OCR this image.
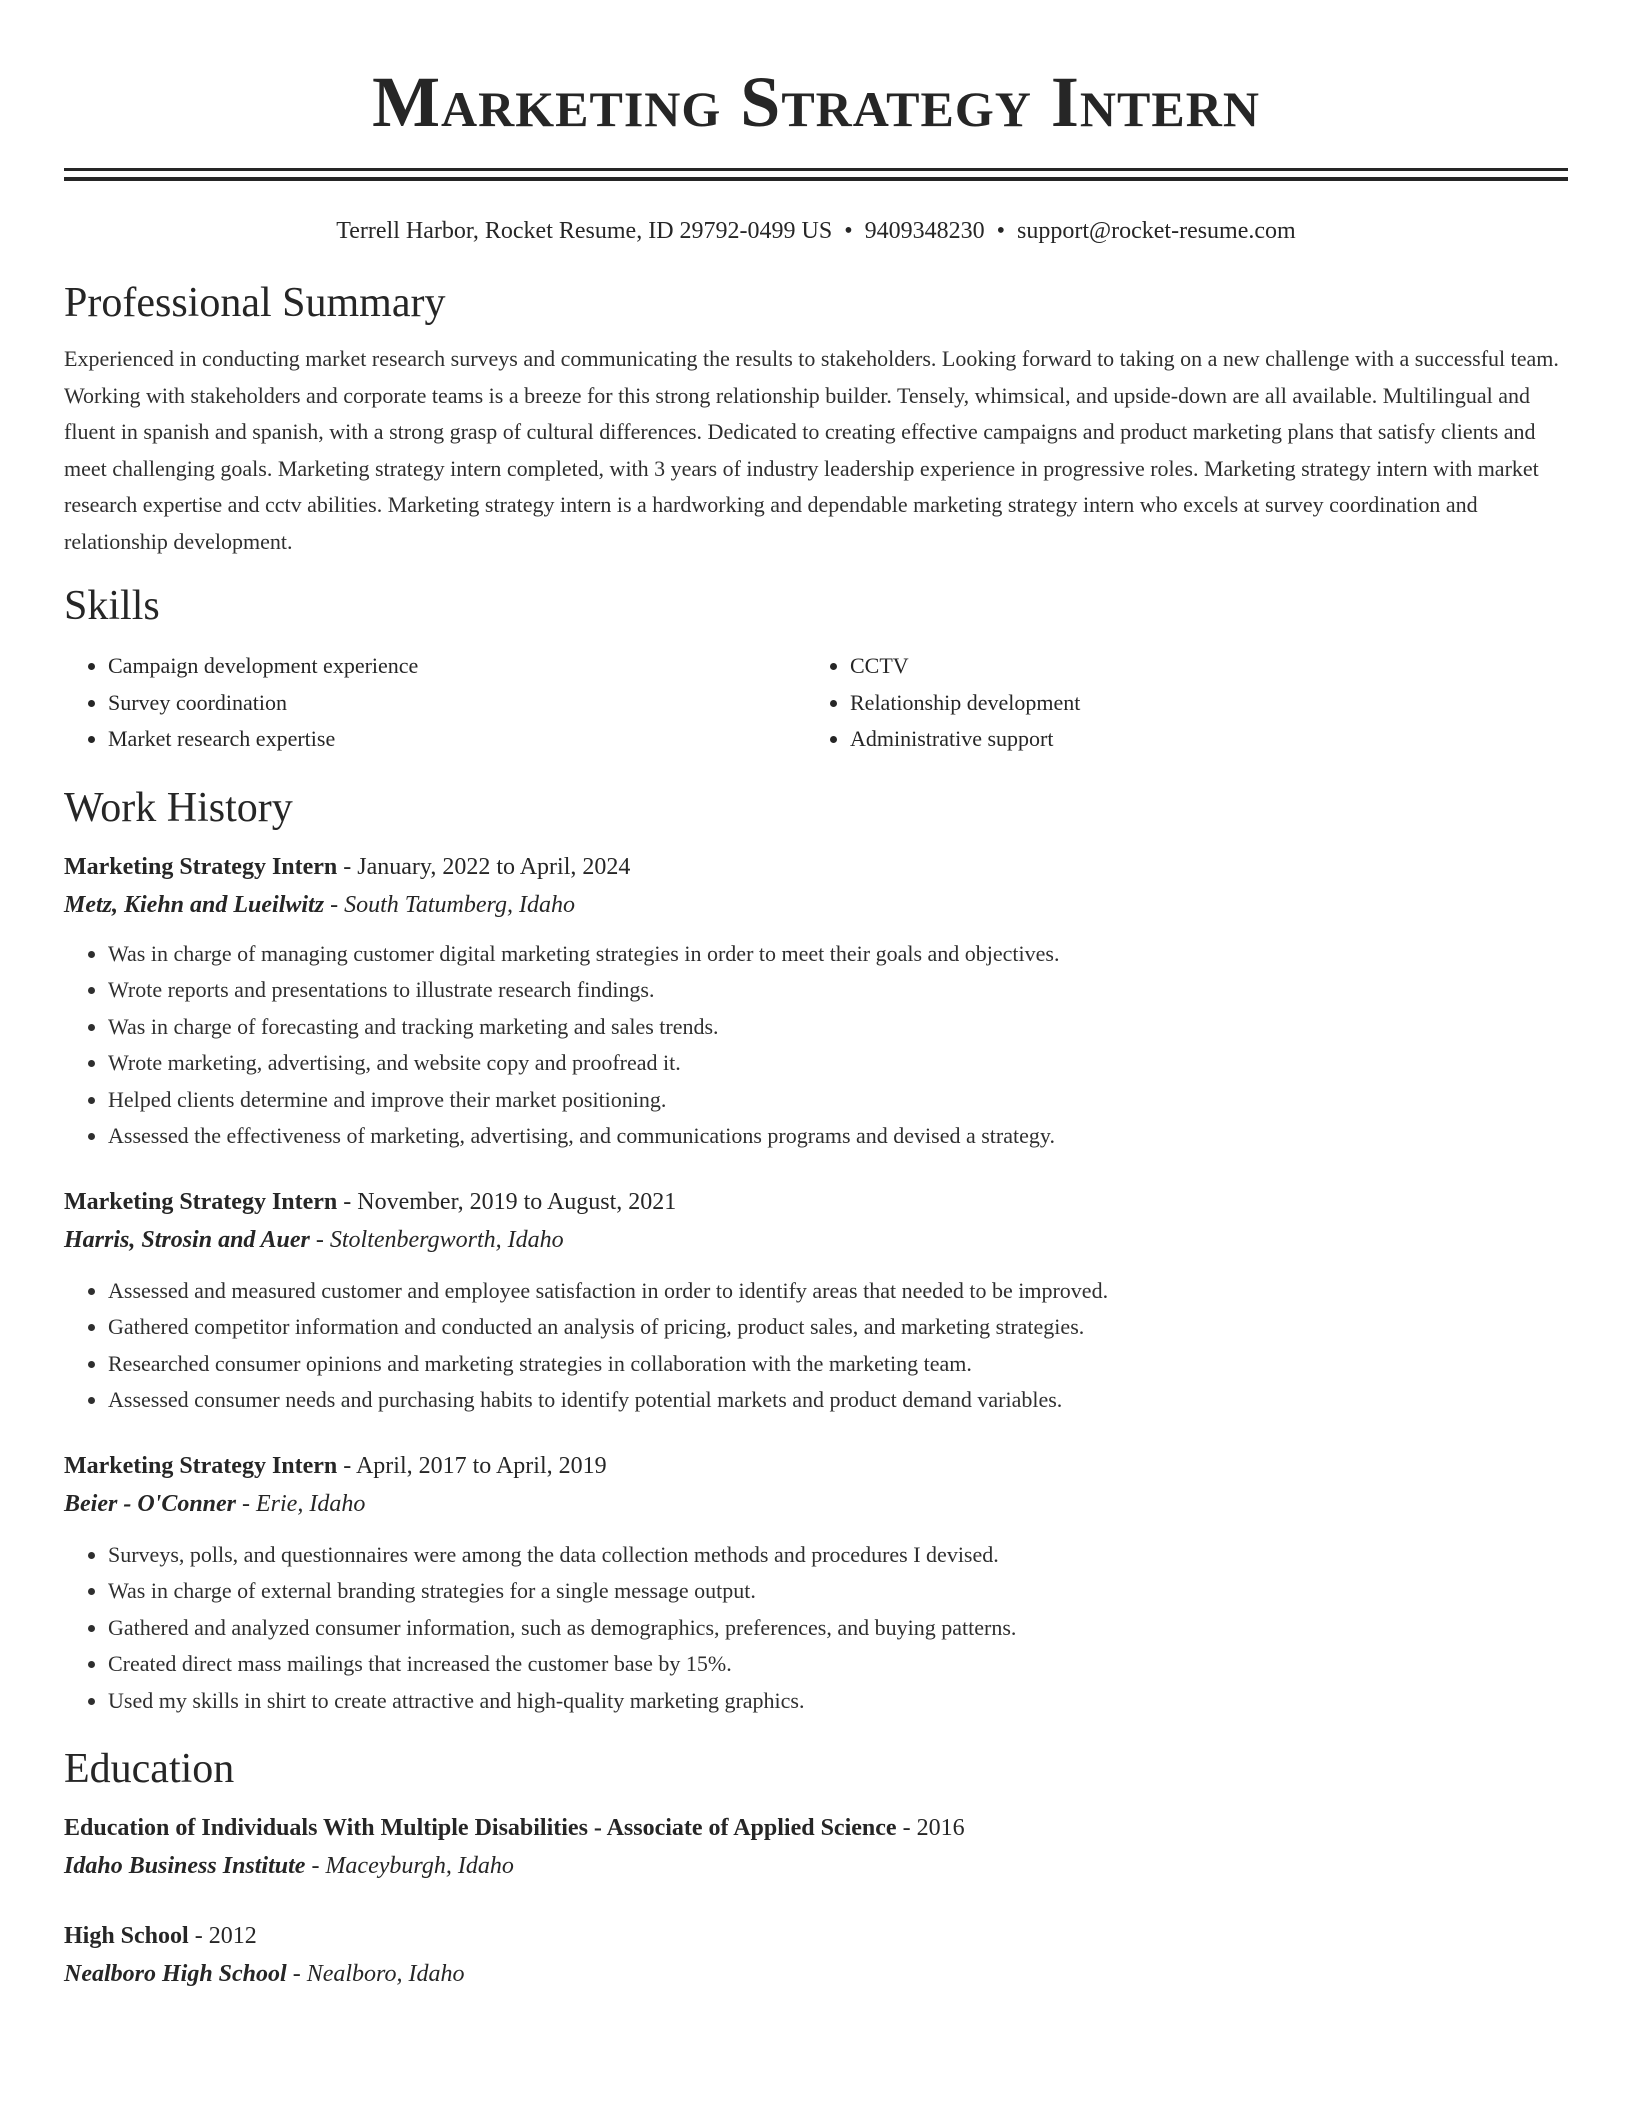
Marketing Strategy Intern
Terrell Harbor, Rocket Resume, ID 29792-0499 US • 9409348230 • support@rocket-resume.com
Professional Summary

Experienced in conducting market research surveys and communicating the results to stakeholders. Looking forward to taking on a new challenge with a successful team. Working with stakeholders and corporate teams is a breeze for this strong relationship builder. Tensely, whimsical, and upside-down are all available. Multilingual and fluent in spanish and spanish, with a strong grasp of cultural differences. Dedicated to creating effective campaigns and product marketing plans that satisfy clients and meet challenging goals. Marketing strategy intern completed, with 3 years of industry leadership experience in progressive roles. Marketing strategy intern with market research expertise and cctv abilities. Marketing strategy intern is a hardworking and dependable marketing strategy intern who excels at survey coordination and relationship development.

Skills
• Campaign development experience
• Survey coordination
• Market research expertise
• CCTV
• Relationship development
• Administrative support
Work History
Marketing Strategy Intern - January, 2022 to April, 2024
Metz, Kiehn and Lueilwitz - South Tatumberg, Idaho
• Was in charge of managing customer digital marketing strategies in order to meet their goals and objectives.
• Wrote reports and presentations to illustrate research findings.
• Was in charge of forecasting and tracking marketing and sales trends.
• Wrote marketing, advertising, and website copy and proofread it.
• Helped clients determine and improve their market positioning.
• Assessed the effectiveness of marketing, advertising, and communications programs and devised a strategy.
Marketing Strategy Intern - November, 2019 to August, 2021
Harris, Strosin and Auer - Stoltenbergworth, Idaho
• Assessed and measured customer and employee satisfaction in order to identify areas that needed to be improved.
• Gathered competitor information and conducted an analysis of pricing, product sales, and marketing strategies.
• Researched consumer opinions and marketing strategies in collaboration with the marketing team.
• Assessed consumer needs and purchasing habits to identify potential markets and product demand variables.
Marketing Strategy Intern - April, 2017 to April, 2019
Beier - O'Conner - Erie, Idaho
• Surveys, polls, and questionnaires were among the data collection methods and procedures I devised.
• Was in charge of external branding strategies for a single message output.
• Gathered and analyzed consumer information, such as demographics, preferences, and buying patterns.
• Created direct mass mailings that increased the customer base by 15%.
• Used my skills in shirt to create attractive and high-quality marketing graphics.
Education
Education of Individuals With Multiple Disabilities - Associate of Applied Science - 2016
Idaho Business Institute - Maceyburgh, Idaho
High School - 2012
Nealboro High School - Nealboro, Idaho
